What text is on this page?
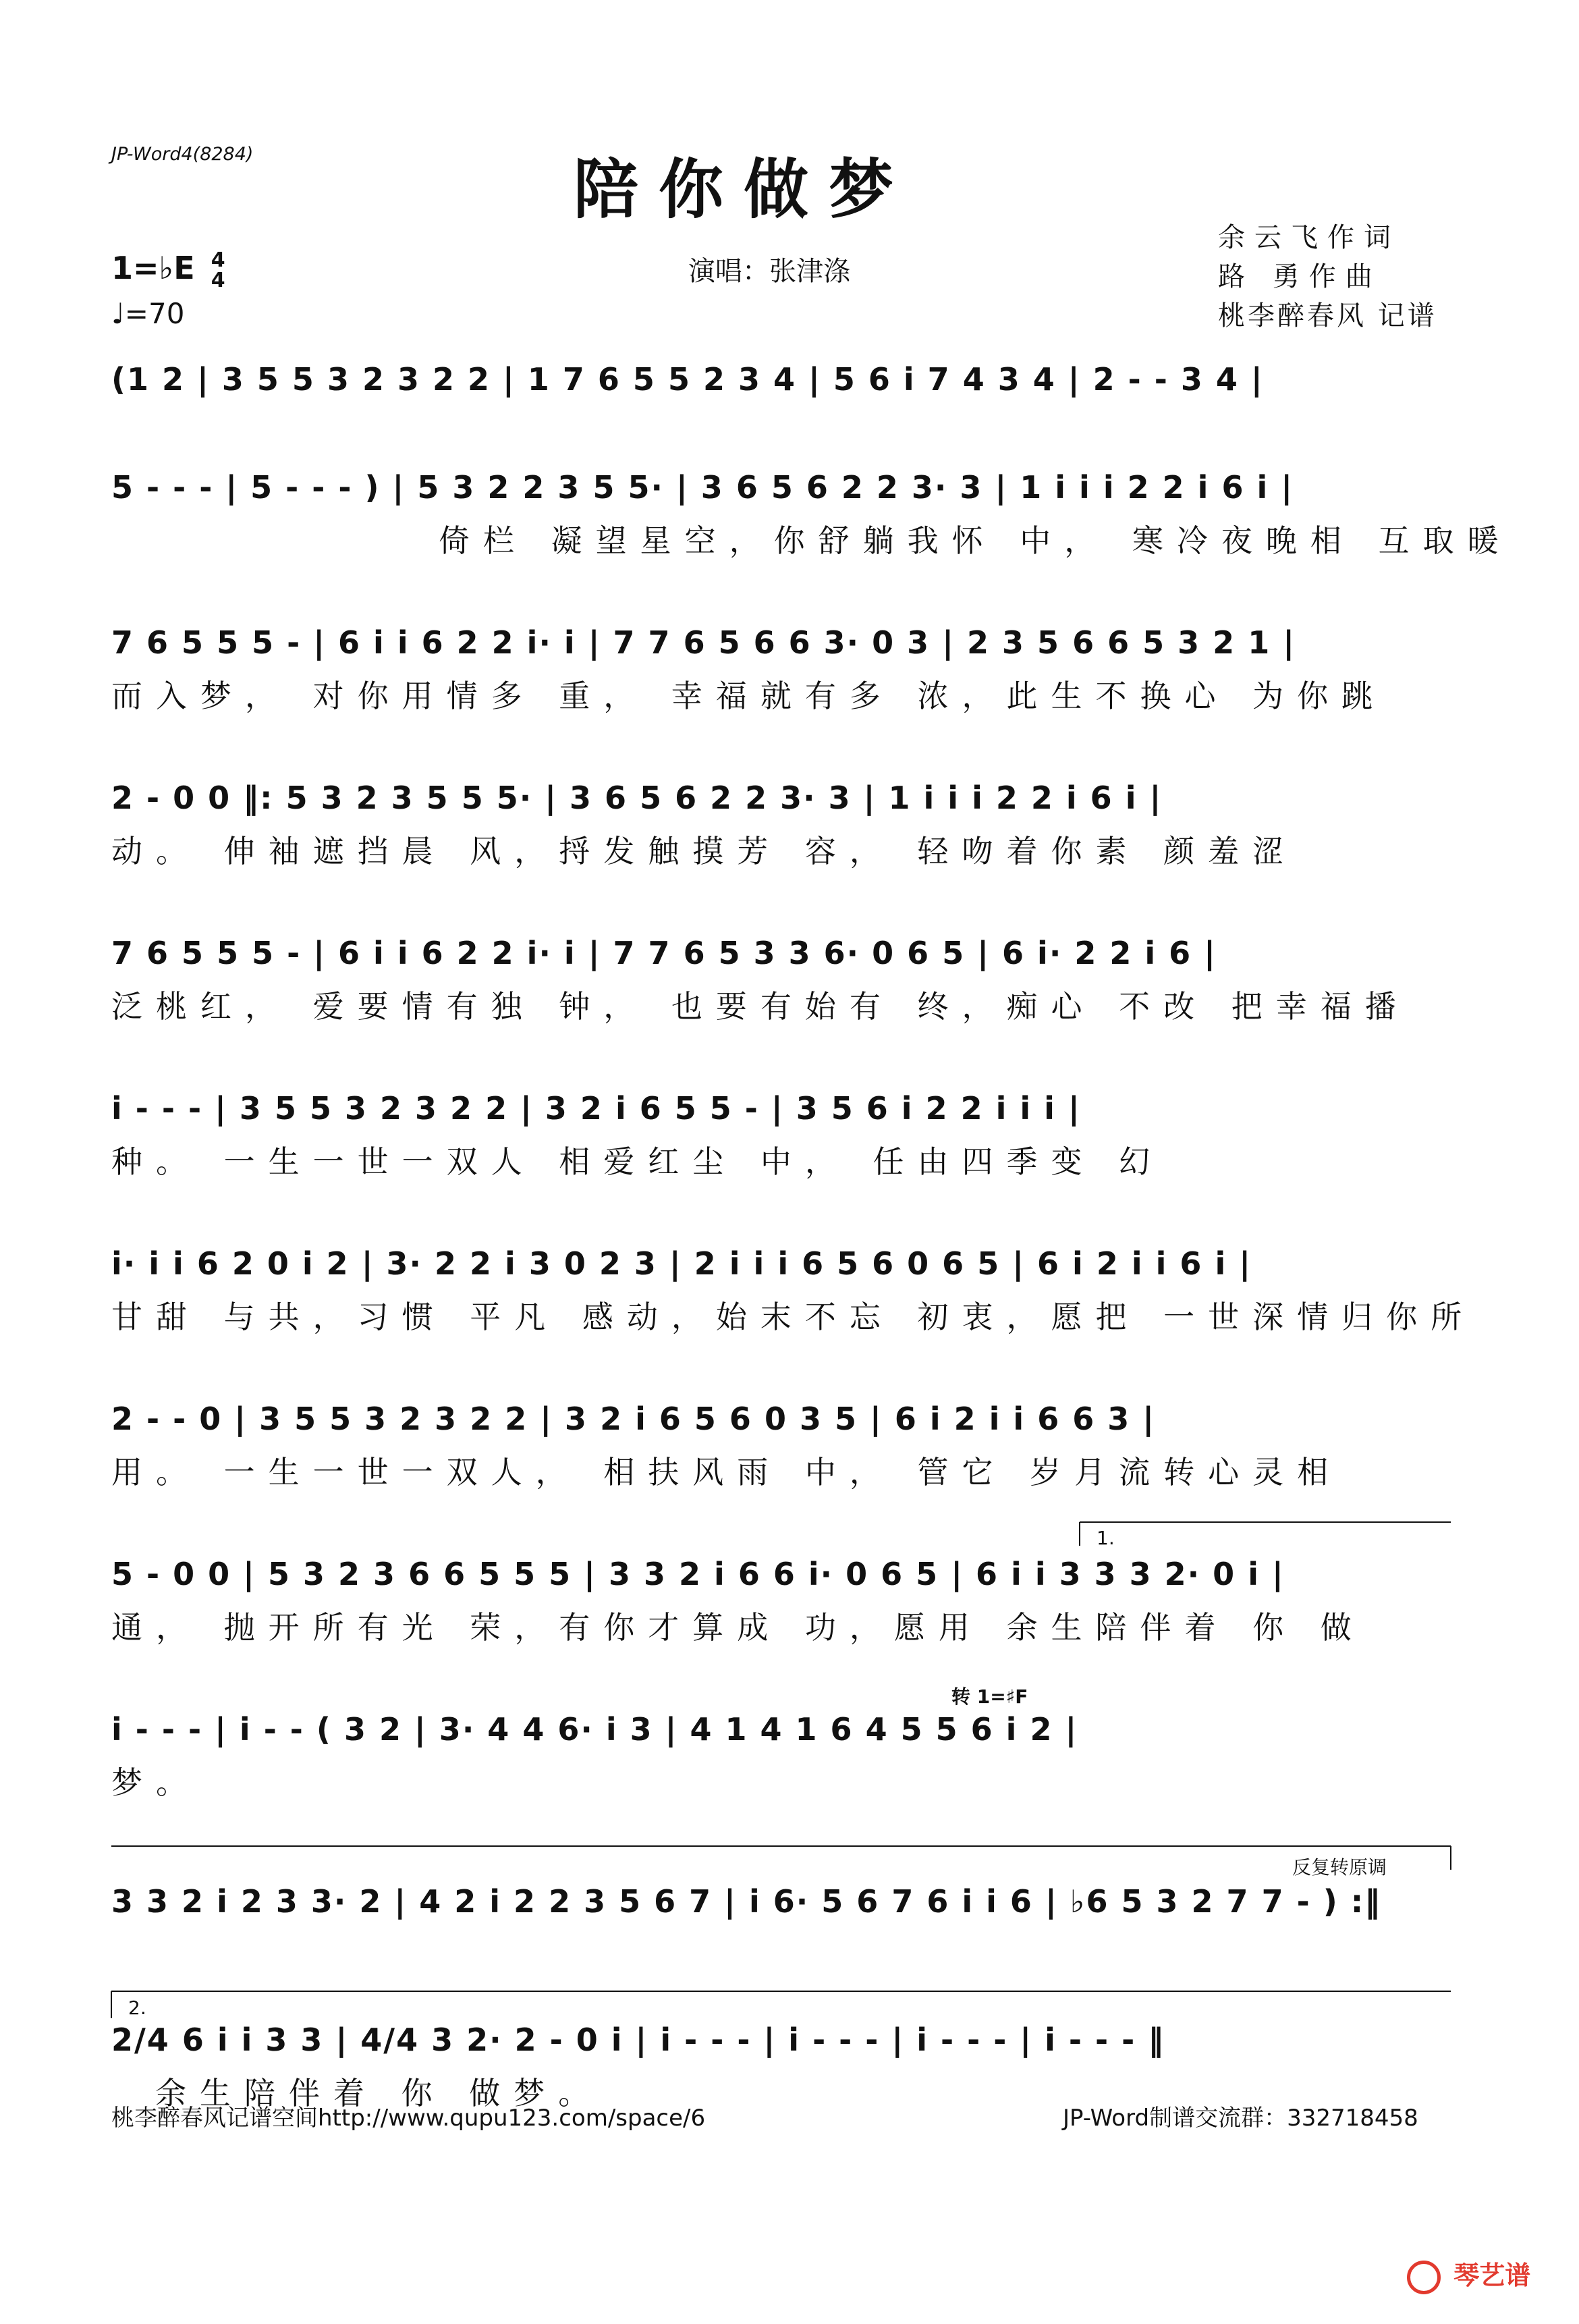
JP-Word4(8284)	陪你做梦
演唱：张津涤
余云飞作词
路 勇作曲
桃李醉春风 记谱
1=♭E 4
4
♩=70
(1 2 | 3 5 5 3 2 3 2 2 | 1 7 6 5 5 2 3 4 | 5 6 i 7 4 3 4 | 2 - - 3 4 |
5 - - - | 5 - - - ) | 5 3 2 2 3 5 5· | 3 6 5 6 2 2 3· 3 | 1 i i i 2 2 i 6 i |
倚栏 凝望星空，你舒躺我怀 中， 寒冷夜晚相 互取暖
7 6 5 5 5 - | 6 i i 6 2 2 i· i | 7 7 6 5 6 6 3· 0 3 | 2 3 5 6 6 5 3 2 1 |
而入梦， 对你用情多 重， 幸福就有多 浓，此生不换心 为你跳
2 - 0 0 ‖: 5 3 2 3 5 5 5· | 3 6 5 6 2 2 3· 3 | 1 i i i 2 2 i 6 i |
动。 伸袖遮挡晨 风，捋发触摸芳 容， 轻吻着你素 颜羞涩
7 6 5 5 5 - | 6 i i 6 2 2 i· i | 7 7 6 5 3 3 6· 0 6 5 | 6 i· 2 2 i 6 |
泛桃红， 爱要情有独 钟， 也要有始有 终，痴心 不改 把幸福播
i - - - | 3 5 5 3 2 3 2 2 | 3 2 i 6 5 5 - | 3 5 6 i 2 2 i i i |
种。 一生一世一双人 相爱红尘 中， 任由四季变 幻
i· i i 6 2 0 i 2 | 3· 2 2 i 3 0 2 3 | 2 i i i 6 5 6 0 6 5 | 6 i 2 i i 6 i |
甘甜 与共，习惯 平凡 感动，始末不忘 初衷，愿把 一世深情归你所
2 - - 0 | 3 5 5 3 2 3 2 2 | 3 2 i 6 5 6 0 3 5 | 6 i 2 i i 6 6 3 |
用。 一生一世一双人， 相扶风雨 中， 管它 岁月流转心灵相
1.
5 - 0 0 | 5 3 2 3 6 6 5 5 5 | 3 3 2 i 6 6 i· 0 6 5 | 6 i i 3 3 3 2· 0 i |
通， 抛开所有光 荣，有你才算成 功，愿用 余生陪伴着 你 做
转 1=♯F
i - - - | i - - ( 3 2 | 3· 4 4 6· i 3 | 4 1 4 1 6 4 5 5 6 i 2 |
梦。
反复转原调
3 3 2 i 2 3 3· 2 | 4 2 i 2 2 3 5 6 7 | i 6· 5 6 7 6 i i 6 | ♭6 5 3 2 7 7 - ) :‖
2.
2/4 6 i i 3 3 | 4/4 3 2· 2 - 0 i | i - - - | i - - - | i - - - | i - - - ‖
余生陪伴着 你 做梦。
桃李醉春风记谱空间http://www.qupu123.com/space/6	JP-Word制谱交流群：332718458
琴艺谱
